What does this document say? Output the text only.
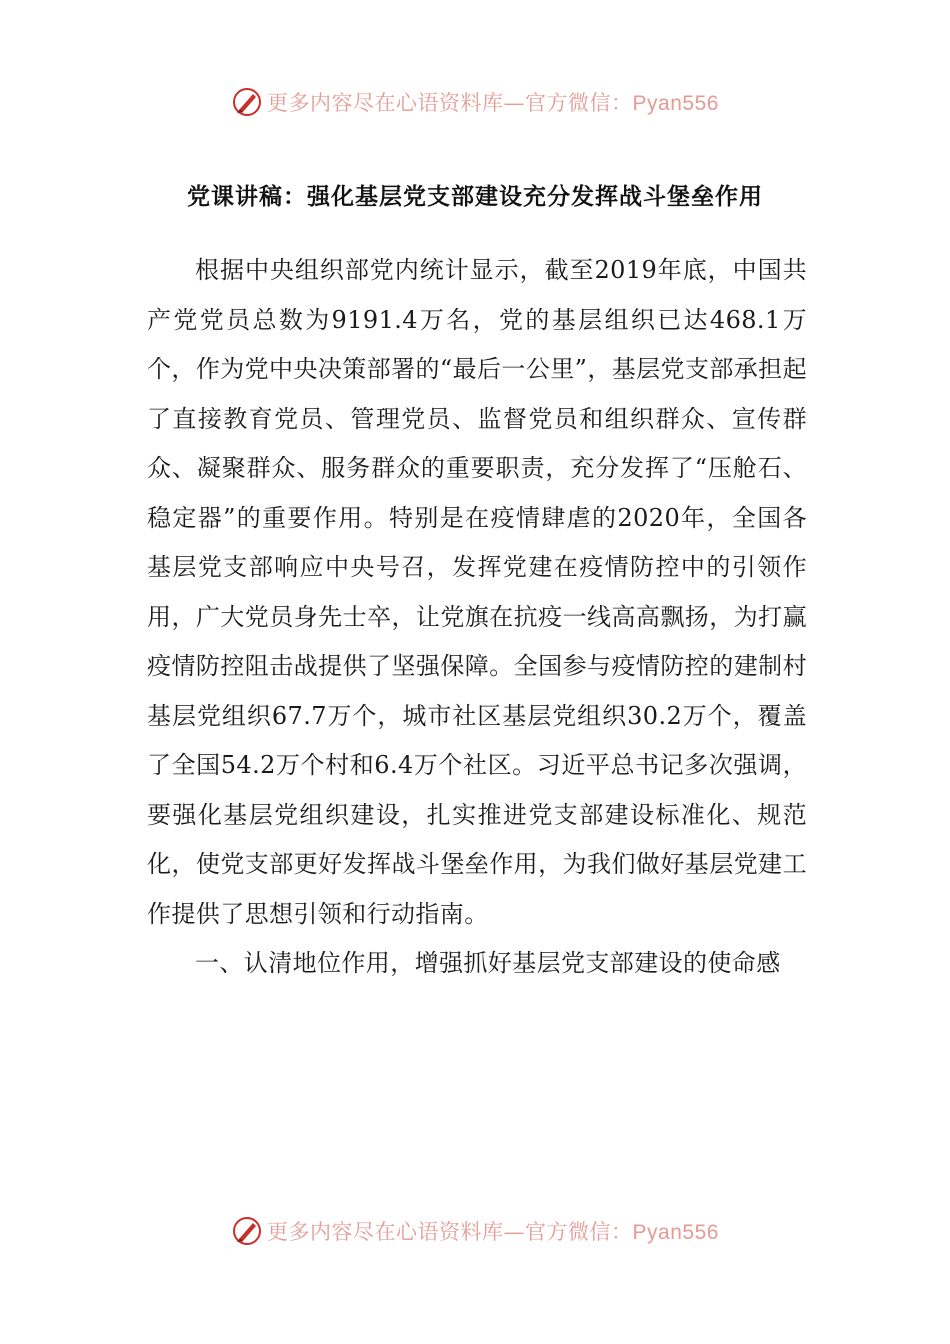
更多内容尽在心语资料库—官方微信：Pyan556
党课讲稿：强化基层党支部建设充分发挥战斗堡垒作用

根据中央组织部党内统计显示，截至2019年底，中国共产党党员总数为9191.4万名，党的基层组织已达468.1万个，作为党中央决策部署的“最后一公里”，基层党支部承担起了直接教育党员、管理党员、监督党员和组织群众、宣传群众、凝聚群众、服务群众的重要职责，充分发挥了“压舱石、稳定器”的重要作用。特别是在疫情肆虐的2020年，全国各基层党支部响应中央号召，发挥党建在疫情防控中的引领作用，广大党员身先士卒，让党旗在抗疫一线高高飘扬，为打赢疫情防控阻击战提供了坚强保障。全国参与疫情防控的建制村基层党组织67.7万个，城市社区基层党组织30.2万个，覆盖了全国54.2万个村和6.4万个社区。习近平总书记多次强调，要强化基层党组织建设，扎实推进党支部建设标准化、规范化，使党支部更好发挥战斗堡垒作用，为我们做好基层党建工作提供了思想引领和行动指南。

一、认清地位作用，增强抓好基层党支部建设的使命感

更多内容尽在心语资料库—官方微信：Pyan556
